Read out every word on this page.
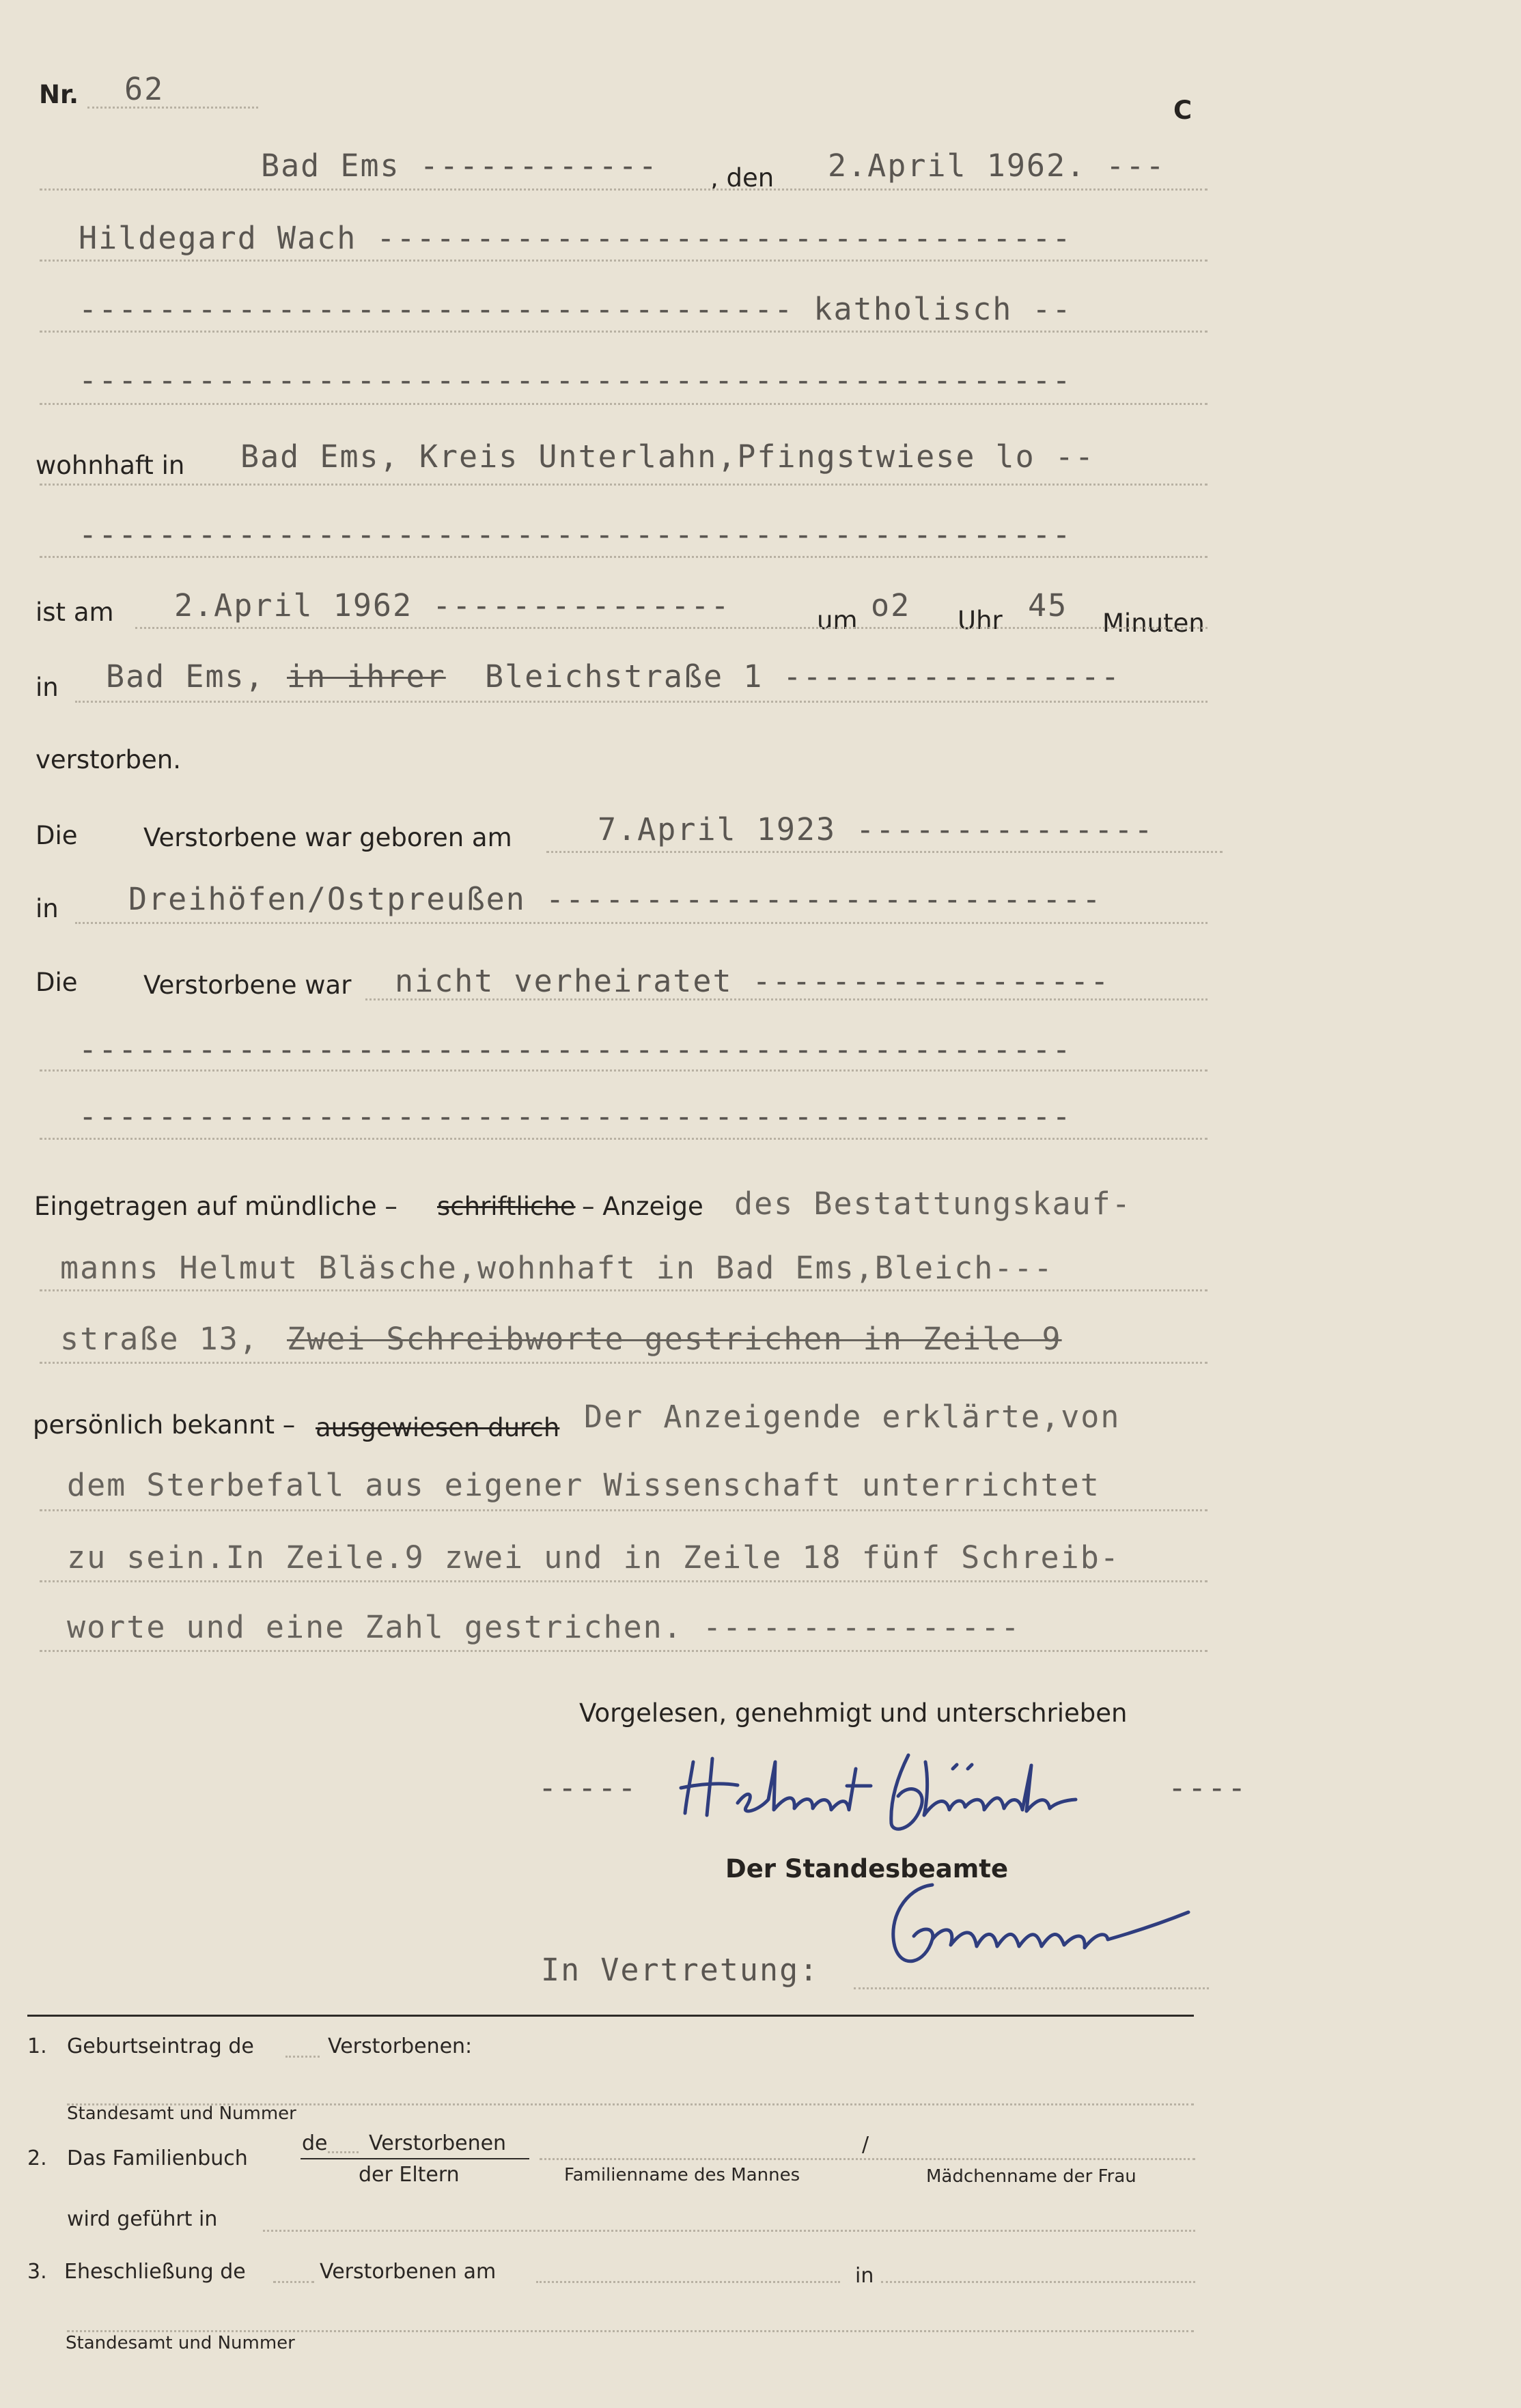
Nr. 62
C
Bad Ems ------------ , den 2.April 1962. ---
Hildegard Wach -----------------------------------
------------------------------------ katholisch --
--------------------------------------------------
wohnhaft in Bad Ems, Kreis Unterlahn,Pfingstwiese lo --
--------------------------------------------------
ist am 2.April 1962 ---------------	um o2 Uhr 45 Minuten
in Bad Ems, in ihrer Bleichstraße 1 -----------------
verstorben.
Die	Verstorbene war geboren am	7.April 1923 ---------------
in Dreihöfen/Ostpreußen ----------------------------
Die	Verstorbene war nicht verheiratet ------------------
--------------------------------------------------
--------------------------------------------------
Eingetragen auf mündliche – schriftliche – Anzeige des Bestattungskauf-
manns Helmut Bläsche,wohnhaft in Bad Ems,Bleich---
straße 13, Zwei Schreibworte gestrichen in Zeile 9
persönlich bekannt – ausgewiesen durch Der Anzeigende erklärte,von
dem Sterbefall aus eigener Wissenschaft unterrichtet
zu sein.In Zeile.9 zwei und in Zeile 18 fünf Schreib-
worte und eine Zahl gestrichen. ----------------
Vorgelesen, genehmigt und unterschrieben
-----	----
Helmut Bläsche
Der Standesbeamte
In Vertretung:	Gemmer
1. Geburtseintrag de	Verstorbenen:
Standesamt und Nummer
2. Das Familienbuch
de Verstorbenen
der Eltern	Familienname des Mannes
/
Mädchenname der Frau
wird geführt in
3. Eheschließung de	Verstorbenen am	in
Standesamt und Nummer
